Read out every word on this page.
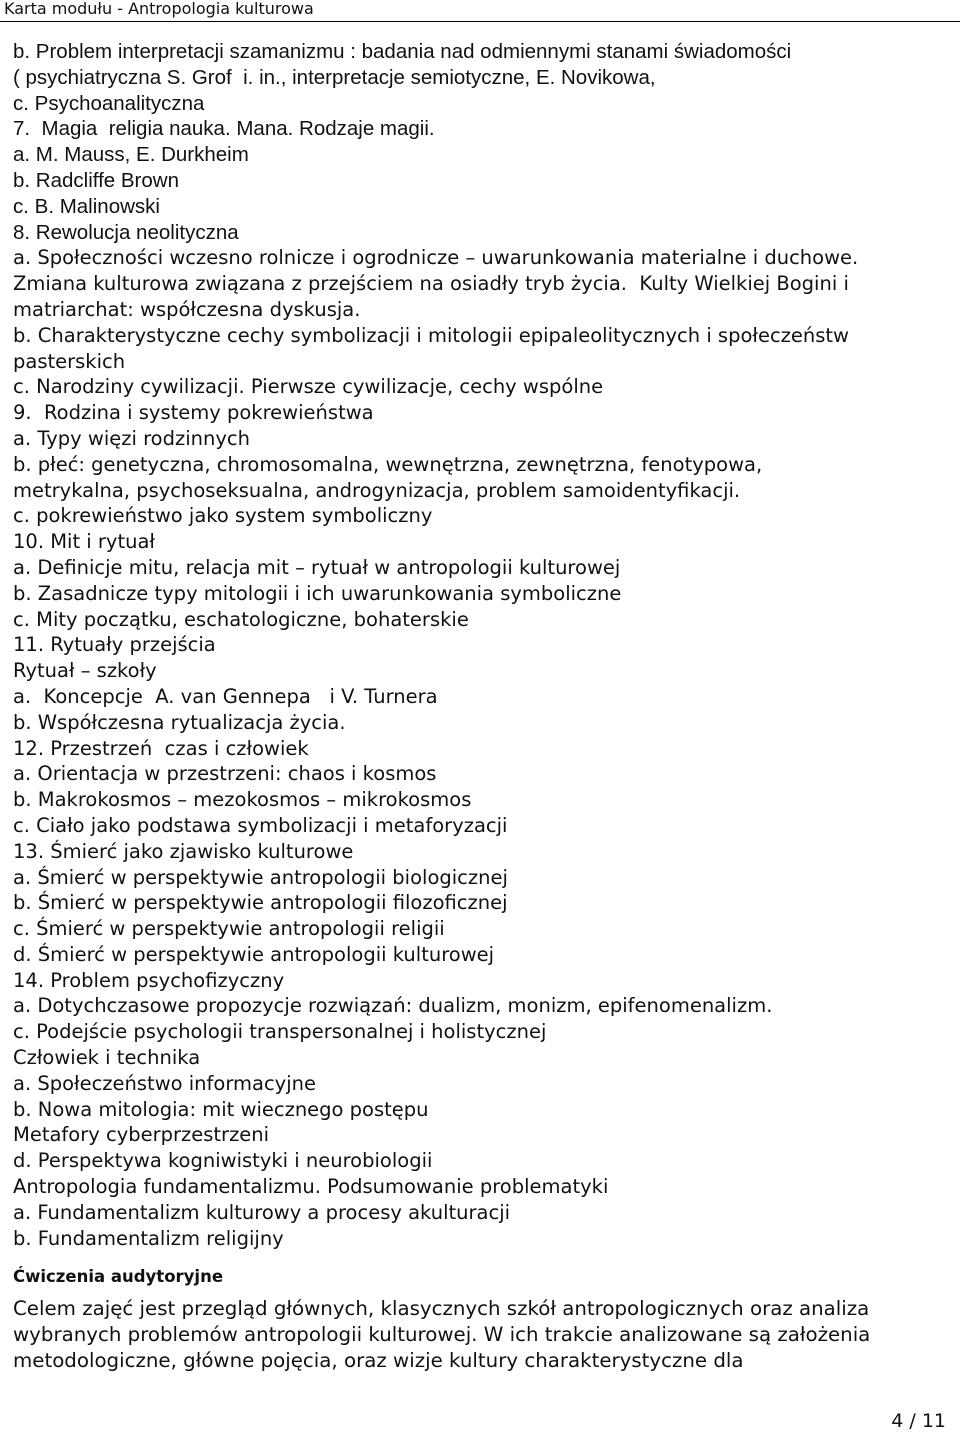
Karta modułu - Antropologia kulturowa
b. Problem interpretacji szamanizmu : badania nad odmiennymi stanami świadomości
( psychiatryczna S. Grof  i. in., interpretacje semiotyczne, E. Novikowa,
c. Psychoanalityczna
7.  Magia  religia nauka. Mana. Rodzaje magii.
a. M. Mauss, E. Durkheim
b. Radcliffe Brown
c. B. Malinowski
8. Rewolucja neolityczna
a. Społeczności wczesno rolnicze i ogrodnicze – uwarunkowania materialne i duchowe.
Zmiana kulturowa związana z przejściem na osiadły tryb życia.  Kulty Wielkiej Bogini i
matriarchat: współczesna dyskusja.
b. Charakterystyczne cechy symbolizacji i mitologii epipaleolitycznych i społeczeństw
pasterskich
c. Narodziny cywilizacji. Pierwsze cywilizacje, cechy wspólne
9.  Rodzina i systemy pokrewieństwa
a. Typy więzi rodzinnych
b. płeć: genetyczna, chromosomalna, wewnętrzna, zewnętrzna, fenotypowa,
metrykalna, psychoseksualna, androgynizacja, problem samoidentyfikacji.
c. pokrewieństwo jako system symboliczny
10. Mit i rytuał
a. Definicje mitu, relacja mit – rytuał w antropologii kulturowej
b. Zasadnicze typy mitologii i ich uwarunkowania symboliczne
c. Mity początku, eschatologiczne, bohaterskie
11. Rytuały przejścia
Rytuał – szkoły
a.  Koncepcje  A. van Gennepa   i V. Turnera
b. Współczesna rytualizacja życia.
12. Przestrzeń  czas i człowiek
a. Orientacja w przestrzeni: chaos i kosmos
b. Makrokosmos – mezokosmos – mikrokosmos
c. Ciało jako podstawa symbolizacji i metaforyzacji
13. Śmierć jako zjawisko kulturowe
a. Śmierć w perspektywie antropologii biologicznej
b. Śmierć w perspektywie antropologii filozoficznej
c. Śmierć w perspektywie antropologii religii
d. Śmierć w perspektywie antropologii kulturowej
14. Problem psychofizyczny
a. Dotychczasowe propozycje rozwiązań: dualizm, monizm, epifenomenalizm.
c. Podejście psychologii transpersonalnej i holistycznej
Człowiek i technika
a. Społeczeństwo informacyjne
b. Nowa mitologia: mit wiecznego postępu
Metafory cyberprzestrzeni
d. Perspektywa kogniwistyki i neurobiologii
Antropologia fundamentalizmu. Podsumowanie problematyki
a. Fundamentalizm kulturowy a procesy akulturacji
b. Fundamentalizm religijny
Ćwiczenia audytoryjne
Celem zajęć jest przegląd głównych, klasycznych szkół antropologicznych oraz analiza
wybranych problemów antropologii kulturowej. W ich trakcie analizowane są założenia
metodologiczne, główne pojęcia, oraz wizje kultury charakterystyczne dla
4 / 11
